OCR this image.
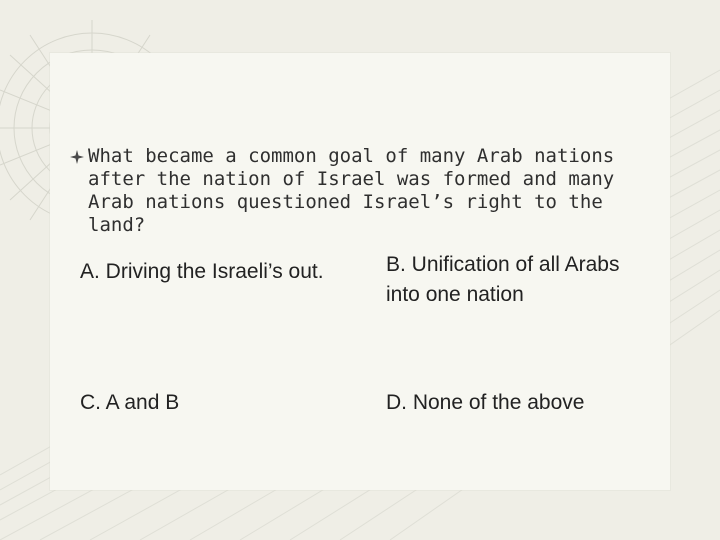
What became a common goal of many Arab nations after the nation of Israel was formed and many Arab nations questioned Israel’s right to the land?

A. Driving the Israeli’s out.	B. Unification of all Arabs into one nation

C. A and B	D. None of the above
